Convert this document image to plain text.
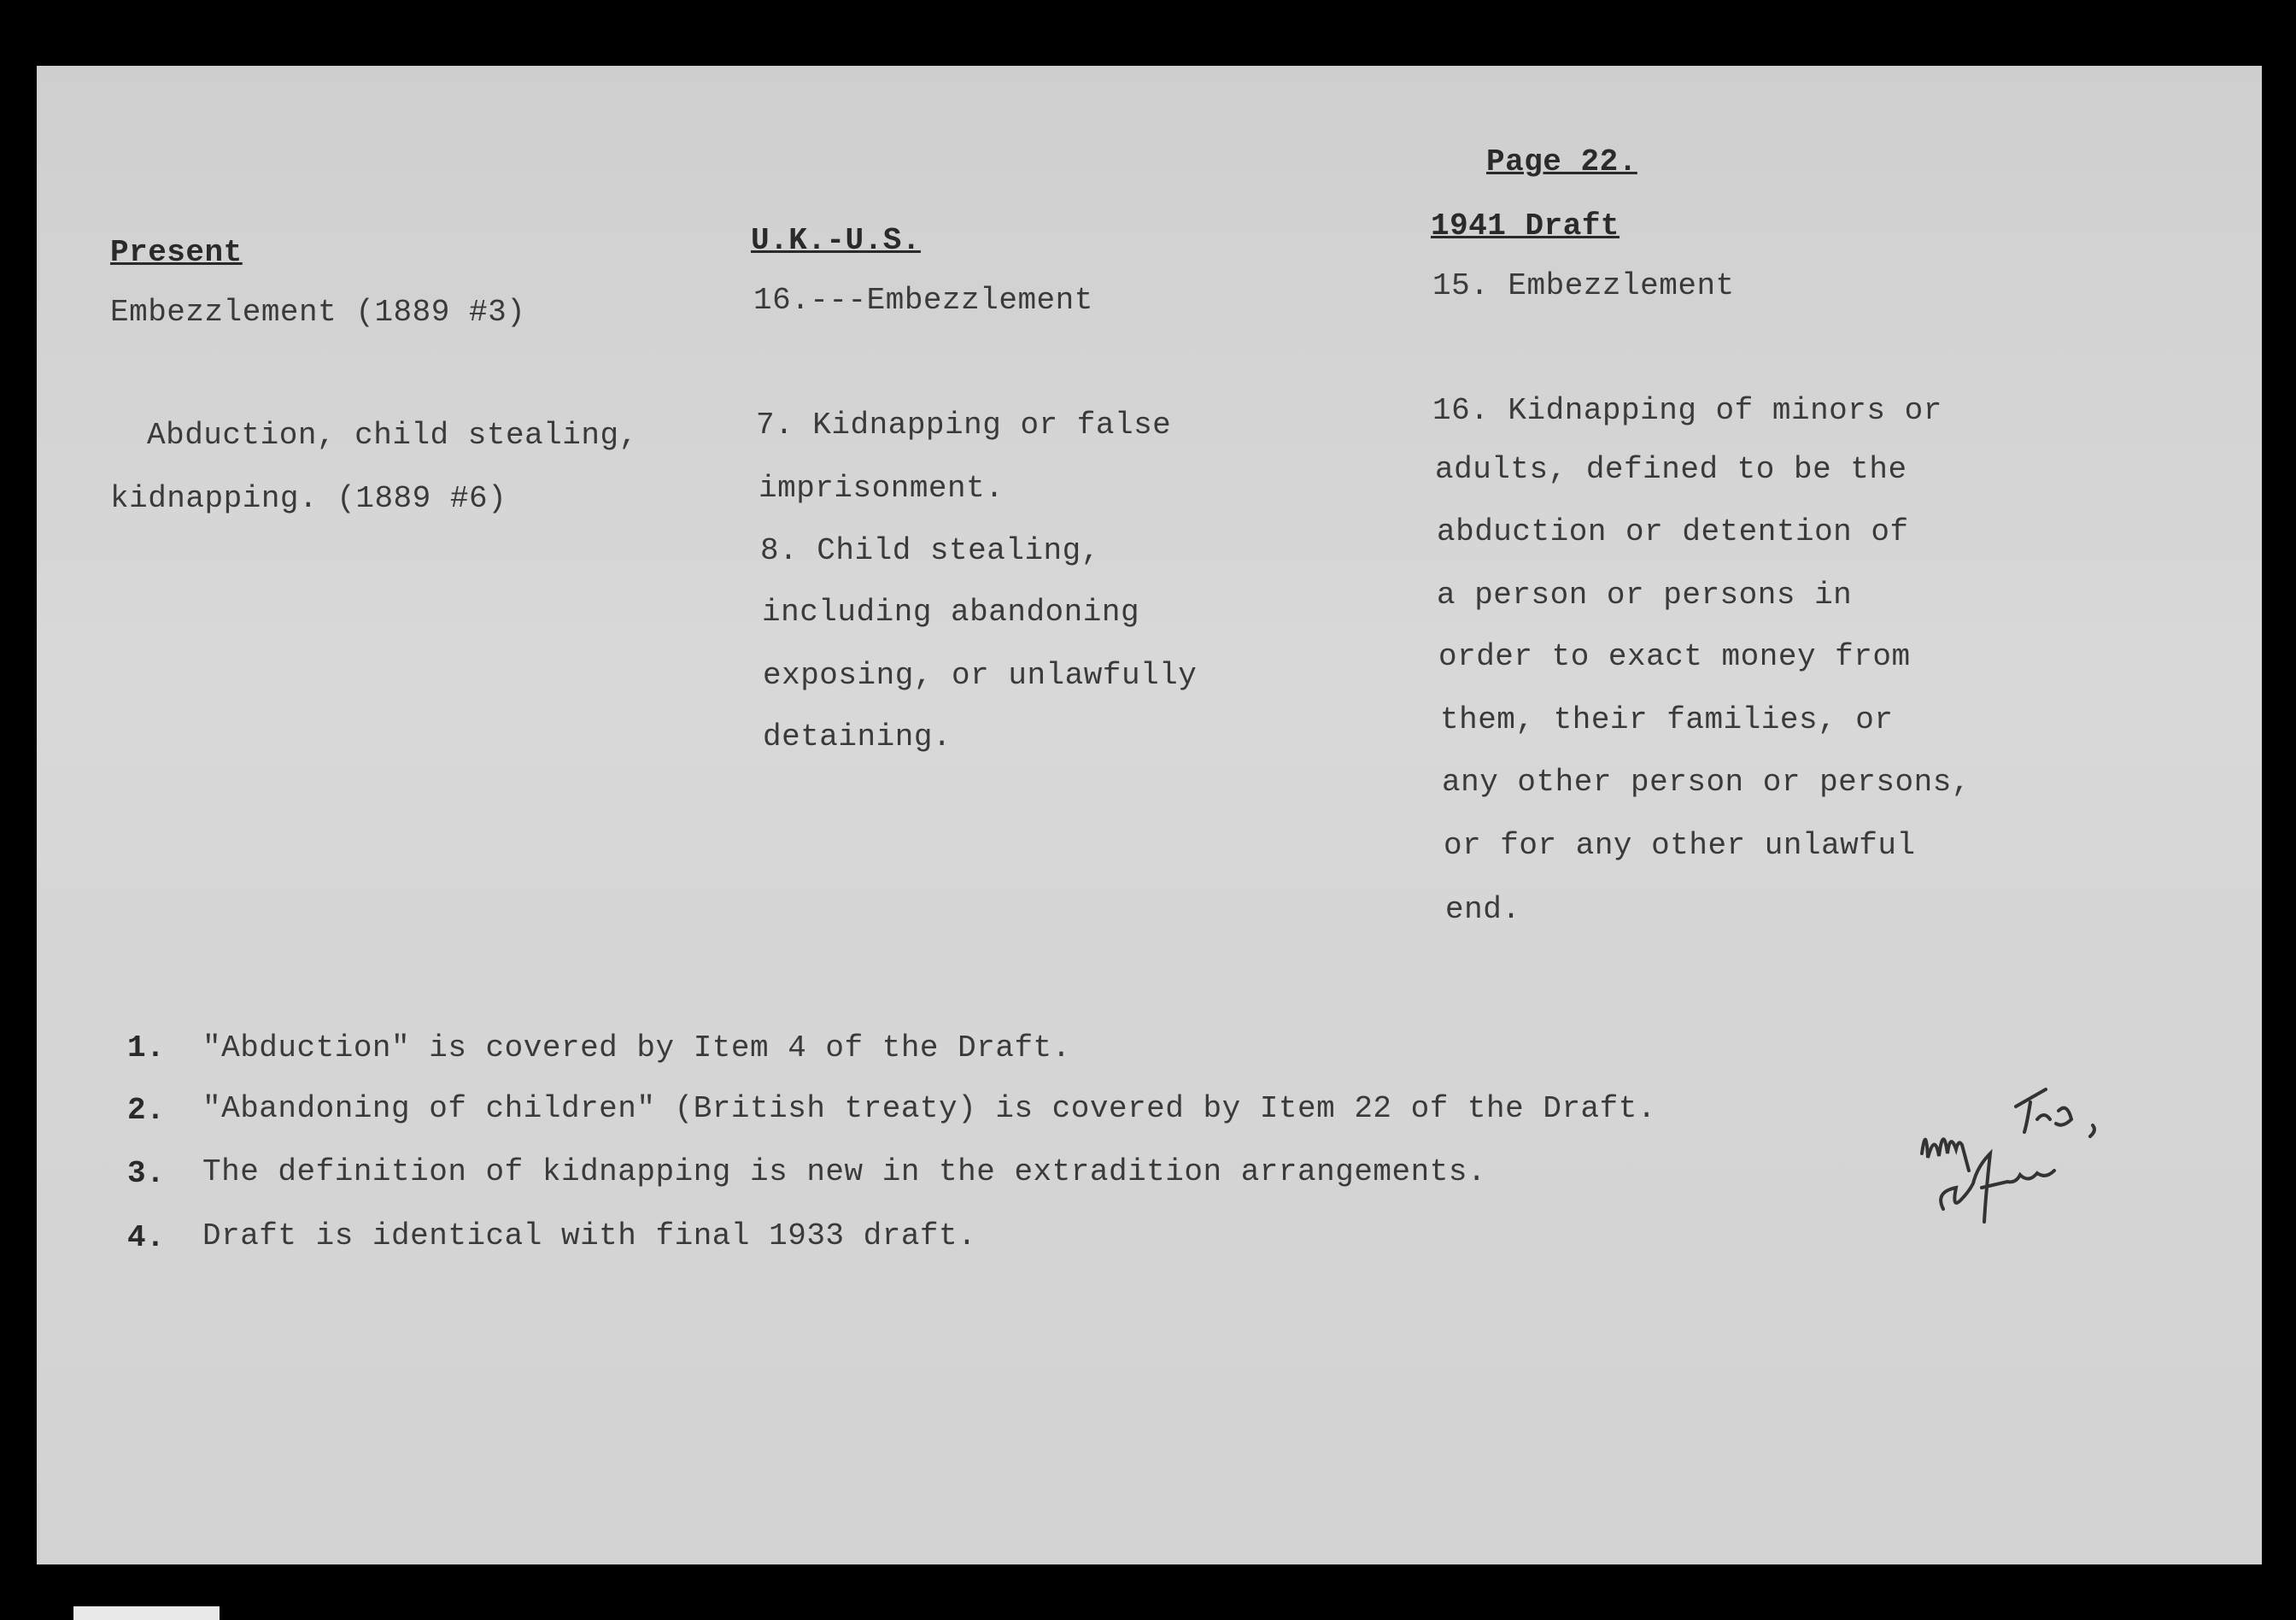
Page 22.
Present	U.K.-U.S.	1941 Draft
Embezzlement (1889 #3)
Abduction, child stealing,
kidnapping. (1889 #6)
16.---Embezzlement
7. Kidnapping or false
imprisonment.
8. Child stealing,
including abandoning
exposing, or unlawfully
detaining.
15. Embezzlement
16. Kidnapping of minors or
adults, defined to be the
abduction or detention of
a person or persons in
order to exact money from
them, their families, or
any other person or persons,
or for any other unlawful
end.
1. "Abduction" is covered by Item 4 of the Draft.
2. "Abandoning of children" (British treaty) is covered by Item 22 of the Draft.
3. The definition of kidnapping is new in the extradition arrangements.
4. Draft is identical with final 1933 draft.
